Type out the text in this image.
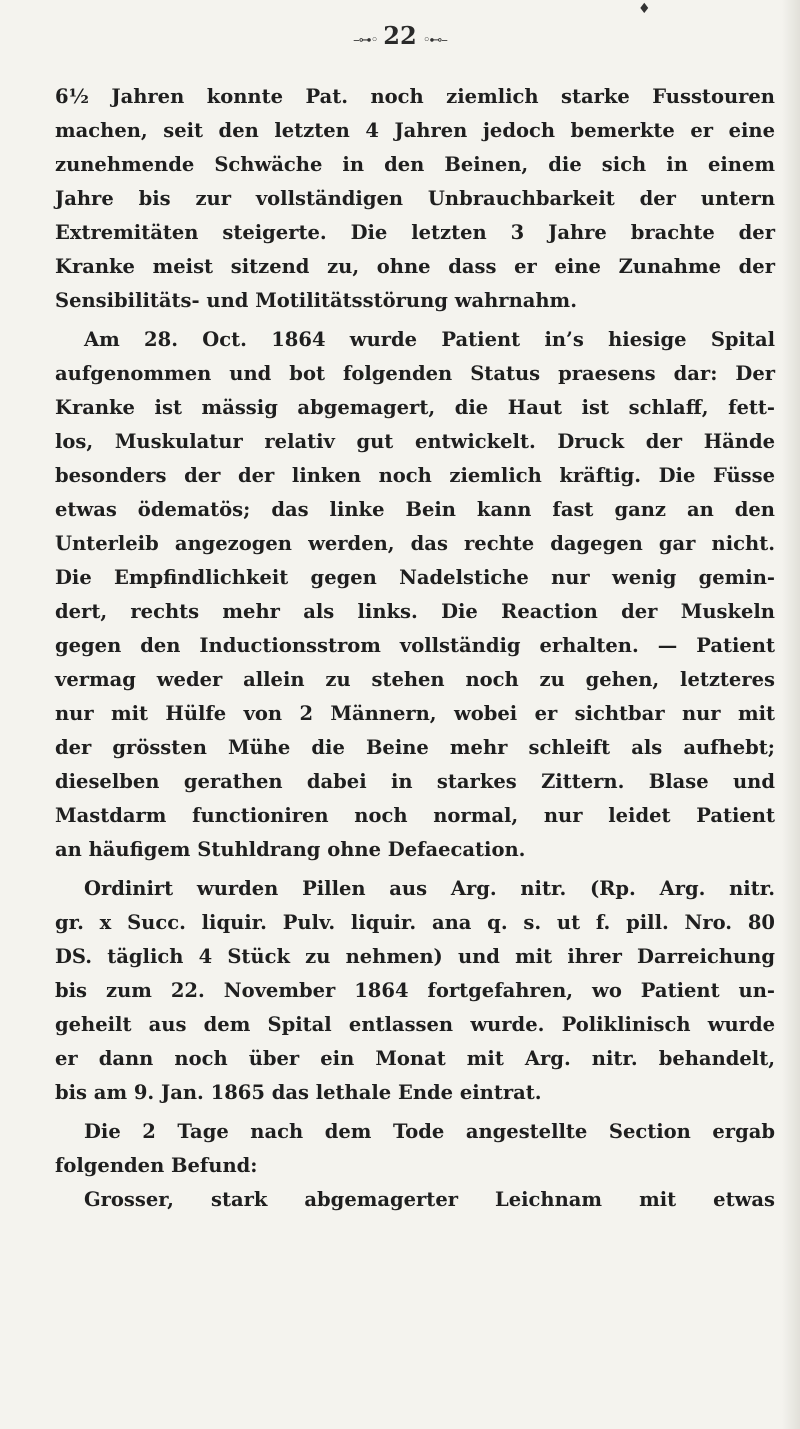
♦
–⊶◦ 22 ◦⊷–
6½ Jahren konnte Pat. noch ziemlich starke Fusstouren
machen, seit den letzten 4 Jahren jedoch bemerkte er eine
zunehmende Schwäche in den Beinen, die sich in einem
Jahre bis zur vollständigen Unbrauchbarkeit der untern
Extremitäten steigerte. Die letzten 3 Jahre brachte der
Kranke meist sitzend zu, ohne dass er eine Zunahme der
Sensibilitäts- und Motilitätsstörung wahrnahm.
Am 28. Oct. 1864 wurde Patient in’s hiesige Spital
aufgenommen und bot folgenden Status praesens dar: Der
Kranke ist mässig abgemagert, die Haut ist schlaff, fett-
los, Muskulatur relativ gut entwickelt. Druck der Hände
besonders der der linken noch ziemlich kräftig. Die Füsse
etwas ödematös; das linke Bein kann fast ganz an den
Unterleib angezogen werden, das rechte dagegen gar nicht.
Die Empfindlichkeit gegen Nadelstiche nur wenig gemin-
dert, rechts mehr als links. Die Reaction der Muskeln
gegen den Inductionsstrom vollständig erhalten. — Patient
vermag weder allein zu stehen noch zu gehen, letzteres
nur mit Hülfe von 2 Männern, wobei er sichtbar nur mit
der grössten Mühe die Beine mehr schleift als aufhebt;
dieselben gerathen dabei in starkes Zittern. Blase und
Mastdarm functioniren noch normal, nur leidet Patient
an häufigem Stuhldrang ohne Defaecation.
Ordinirt wurden Pillen aus Arg. nitr. (Rp. Arg. nitr.
gr. x Succ. liquir. Pulv. liquir. ana q. s. ut f. pill. Nro. 80
DS. täglich 4 Stück zu nehmen) und mit ihrer Darreichung
bis zum 22. November 1864 fortgefahren, wo Patient un-
geheilt aus dem Spital entlassen wurde. Poliklinisch wurde
er dann noch über ein Monat mit Arg. nitr. behandelt,
bis am 9. Jan. 1865 das lethale Ende eintrat.
Die 2 Tage nach dem Tode angestellte Section ergab
folgenden Befund:
Grosser, stark abgemagerter Leichnam mit etwas
